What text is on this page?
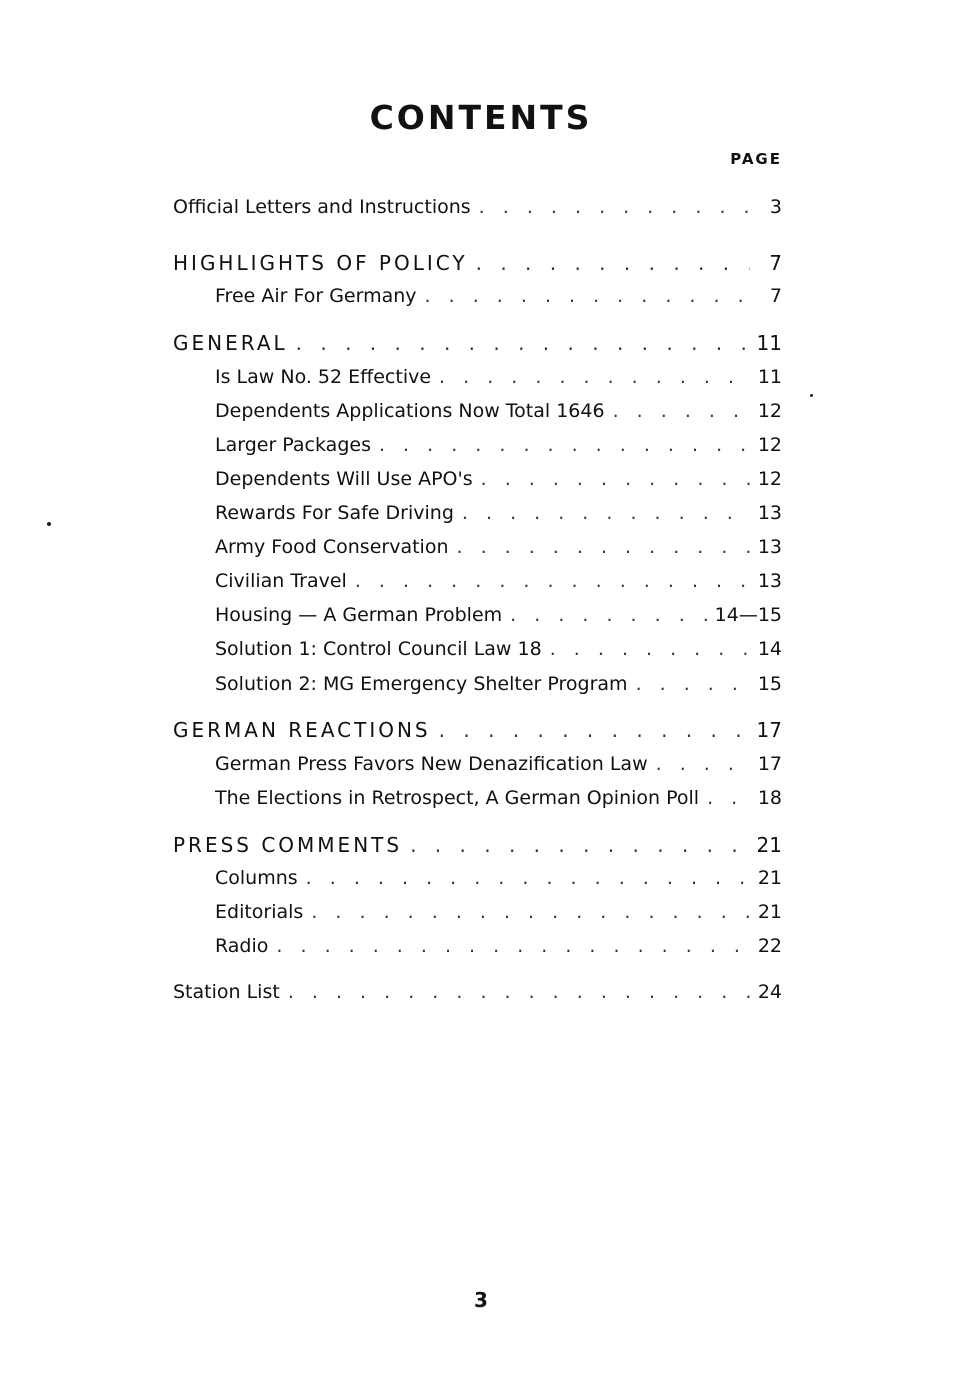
CONTENTS
PAGE
Official Letters and Instructions . . .	3
HIGHLIGHTS OF POLICY . . .	7
Free Air For Germany . . .	7
GENERAL . . .	11
Is Law No. 52 Effective . . .	11
Dependents Applications Now Total 1646 . . .	12
Larger Packages . . .	12
Dependents Will Use APO's . . .	12
Rewards For Safe Driving . . .	13
Army Food Conservation . . .	13
Civilian Travel . . .	13
Housing — A German Problem . . .	14—15
Solution 1: Control Council Law 18 . . .	14
Solution 2: MG Emergency Shelter Program . . .	15
GERMAN REACTIONS . . .	17
German Press Favors New Denazification Law . . .	17
The Elections in Retrospect, A German Opinion Poll . . .	18
PRESS COMMENTS . . .	21
Columns . . .	21
Editorials . . .	21
Radio . . .	22
Station List . . .	24
3
